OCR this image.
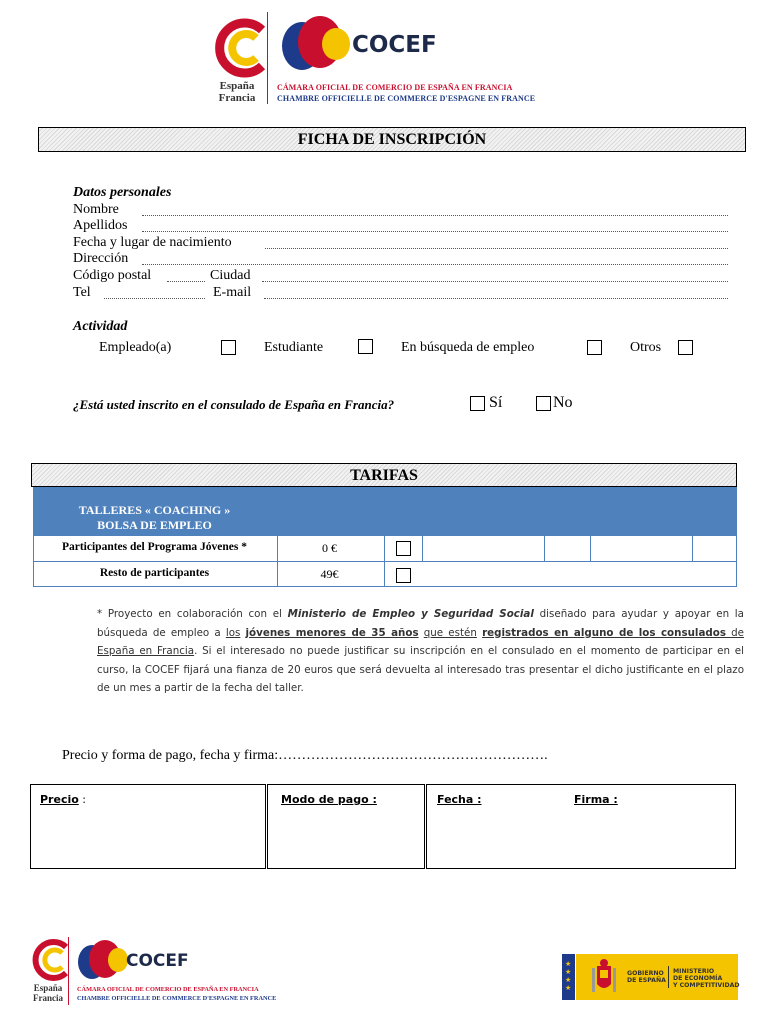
España
Francia
COCEF
CÁMARA OFICIAL DE COMERCIO DE ESPAÑA EN FRANCIA
CHAMBRE OFFICIELLE DE COMMERCE D'ESPAGNE EN FRANCE
FICHA DE INSCRIPCIÓN
Datos personales
Nombre
Apellidos
Fecha y lugar de nacimiento
Dirección
Código postal	Ciudad
Tel	E-mail
Actividad
Empleado(a)	Estudiante	En búsqueda de empleo	Otros
¿Está usted inscrito en el consulado de España en Francia?	Sí	No
TARIFAS
TALLERES « COACHING »
BOLSA DE EMPLEO
Participantes del Programa Jóvenes *	0 €
Resto de participantes	49€
* Proyecto en colaboración con el Ministerio de Empleo y Seguridad Social diseñado para ayudar y apoyar en la búsqueda de empleo a los jóvenes menores de 35 años que estén registrados en alguno de los consulados de España en Francia. Si el interesado no puede justificar su inscripción en el consulado en el momento de participar en el curso, la COCEF fijará una fianza de 20 euros que será devuelta al interesado tras presentar el dicho justificante en el plazo de un mes a partir de la fecha del taller.
Precio y forma de pago, fecha y firma:………………………………………………….
Precio :	Modo de pago :	Fecha :	Firma :
España
Francia
COCEF
CÁMARA OFICIAL DE COMERCIO DE ESPAÑA EN FRANCIA
CHAMBRE OFFICIELLE DE COMMERCE D'ESPAGNE EN FRANCE
★
★
★
★
GOBIERNO
DE ESPAÑA
MINISTERIO
DE ECONOMÍA
Y COMPETITIVIDAD
